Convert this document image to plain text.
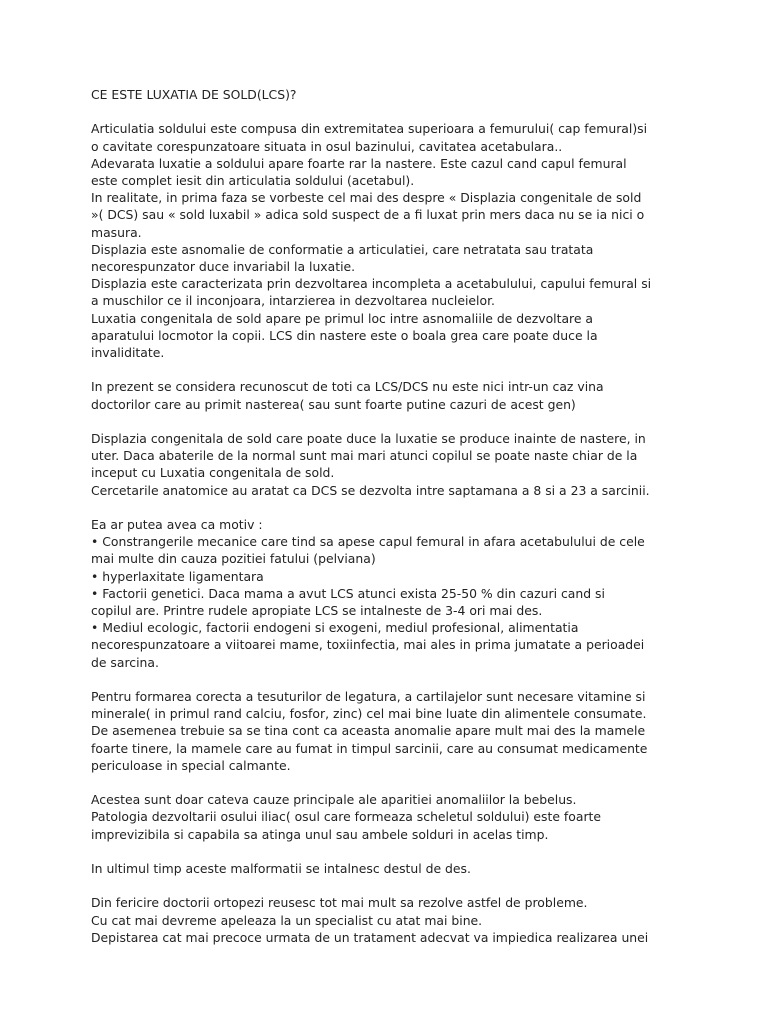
CE ESTE LUXATIA DE SOLD(LCS)?

Articulatia soldului este compusa din extremitatea superioara a femurului( cap femural)si
o cavitate corespunzatoare situata in osul bazinului, cavitatea acetabulara..
Adevarata luxatie a soldului apare foarte rar la nastere. Este cazul cand capul femural
este complet iesit din articulatia soldului (acetabul).
In realitate, in prima faza se vorbeste cel mai des despre « Displazia congenitale de sold
»( DCS) sau « sold luxabil » adica sold suspect de a fi luxat prin mers daca nu se ia nici o
masura.
Displazia este asnomalie de conformatie a articulatiei, care netratata sau tratata
necorespunzator duce invariabil la luxatie.
Displazia este caracterizata prin dezvoltarea incompleta a acetabulului, capului femural si
a muschilor ce il inconjoara, intarzierea in dezvoltarea nucleielor.
Luxatia congenitala de sold apare pe primul loc intre asnomaliile de dezvoltare a
aparatului locmotor la copii. LCS din nastere este o boala grea care poate duce la
invaliditate.

In prezent se considera recunoscut de toti ca LCS/DCS nu este nici intr-un caz vina
doctorilor care au primit nasterea( sau sunt foarte putine cazuri de acest gen)

Displazia congenitala de sold care poate duce la luxatie se produce inainte de nastere, in
uter. Daca abaterile de la normal sunt mai mari atunci copilul se poate naste chiar de la
inceput cu Luxatia congenitala de sold.
Cercetarile anatomice au aratat ca DCS se dezvolta intre saptamana a 8 si a 23 a sarcinii.

Ea ar putea avea ca motiv :
• Constrangerile mecanice care tind sa apese capul femural in afara acetabulului de cele
mai multe din cauza pozitiei fatului (pelviana)
• hyperlaxitate ligamentara
• Factorii genetici. Daca mama a avut LCS atunci exista 25-50 % din cazuri cand si
copilul are. Printre rudele apropiate LCS se intalneste de 3-4 ori mai des.
• Mediul ecologic, factorii endogeni si exogeni, mediul profesional, alimentatia
necorespunzatoare a viitoarei mame, toxiinfectia, mai ales in prima jumatate a perioadei
de sarcina.

Pentru formarea corecta a tesuturilor de legatura, a cartilajelor sunt necesare vitamine si
minerale( in primul rand calciu, fosfor, zinc) cel mai bine luate din alimentele consumate.
De asemenea trebuie sa se tina cont ca aceasta anomalie apare mult mai des la mamele
foarte tinere, la mamele care au fumat in timpul sarcinii, care au consumat medicamente
periculoase in special calmante.

Acestea sunt doar cateva cauze principale ale aparitiei anomaliilor la bebelus.
Patologia dezvoltarii osului iliac( osul care formeaza scheletul soldului) este foarte
imprevizibila si capabila sa atinga unul sau ambele solduri in acelas timp.

In ultimul timp aceste malformatii se intalnesc destul de des.

Din fericire doctorii ortopezi reusesc tot mai mult sa rezolve astfel de probleme.
Cu cat mai devreme apeleaza la un specialist cu atat mai bine.
Depistarea cat mai precoce urmata de un tratament adecvat va impiedica realizarea unei
